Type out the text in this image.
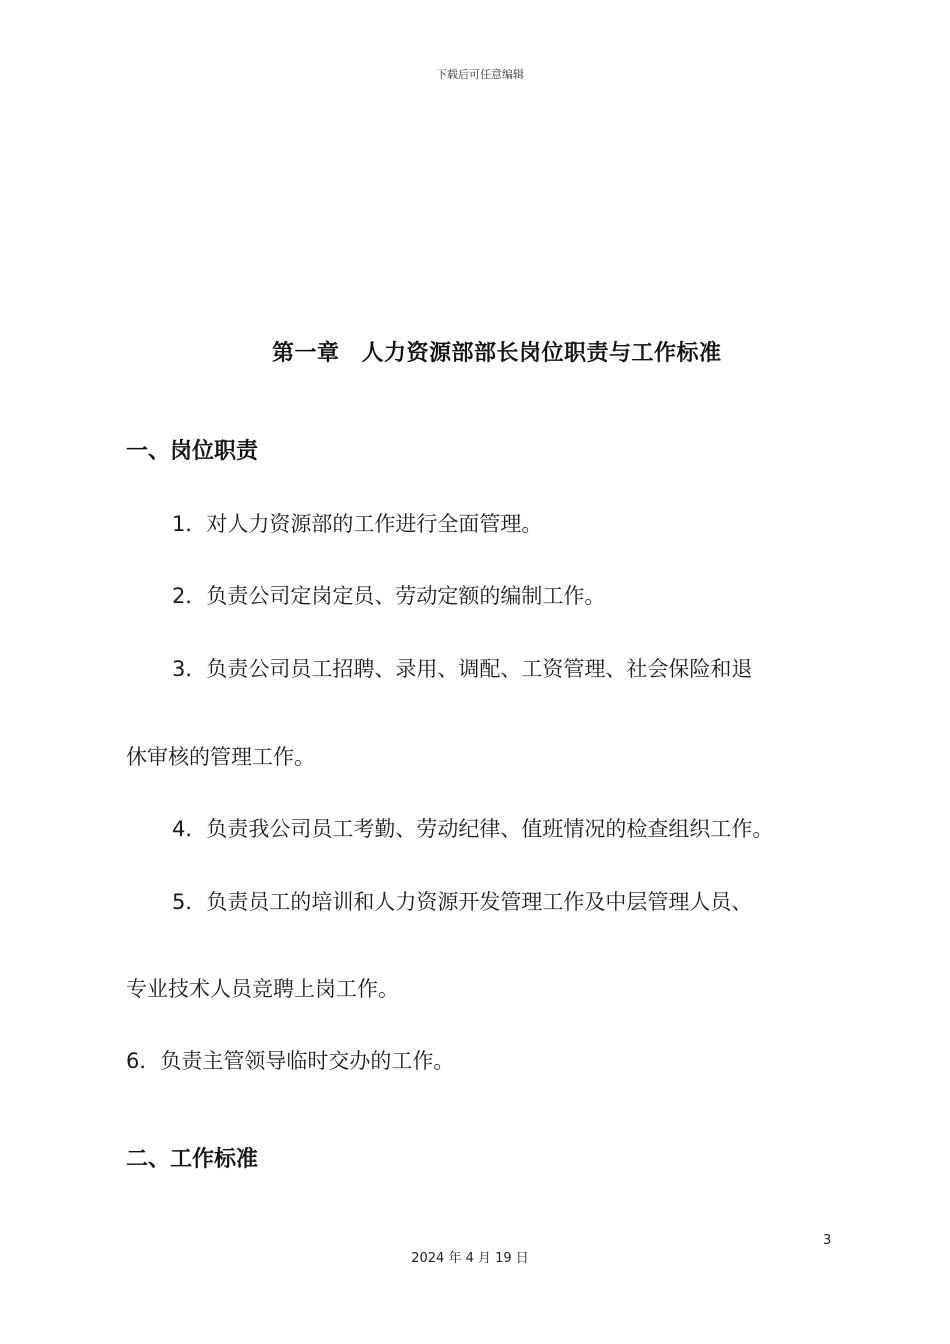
下载后可任意编辑
第一章 人力资源部部长岗位职责与工作标准
一、岗位职责
1．对人力资源部的工作进行全面管理。
2．负责公司定岗定员、劳动定额的编制工作。
3．负责公司员工招聘、录用、调配、工资管理、社会保险和退
休审核的管理工作。
4．负责我公司员工考勤、劳动纪律、值班情况的检查组织工作。
5．负责员工的培训和人力资源开发管理工作及中层管理人员、
专业技术人员竞聘上岗工作。
6．负责主管领导临时交办的工作。
二、工作标准
3
2024 年 4 月 19 日
